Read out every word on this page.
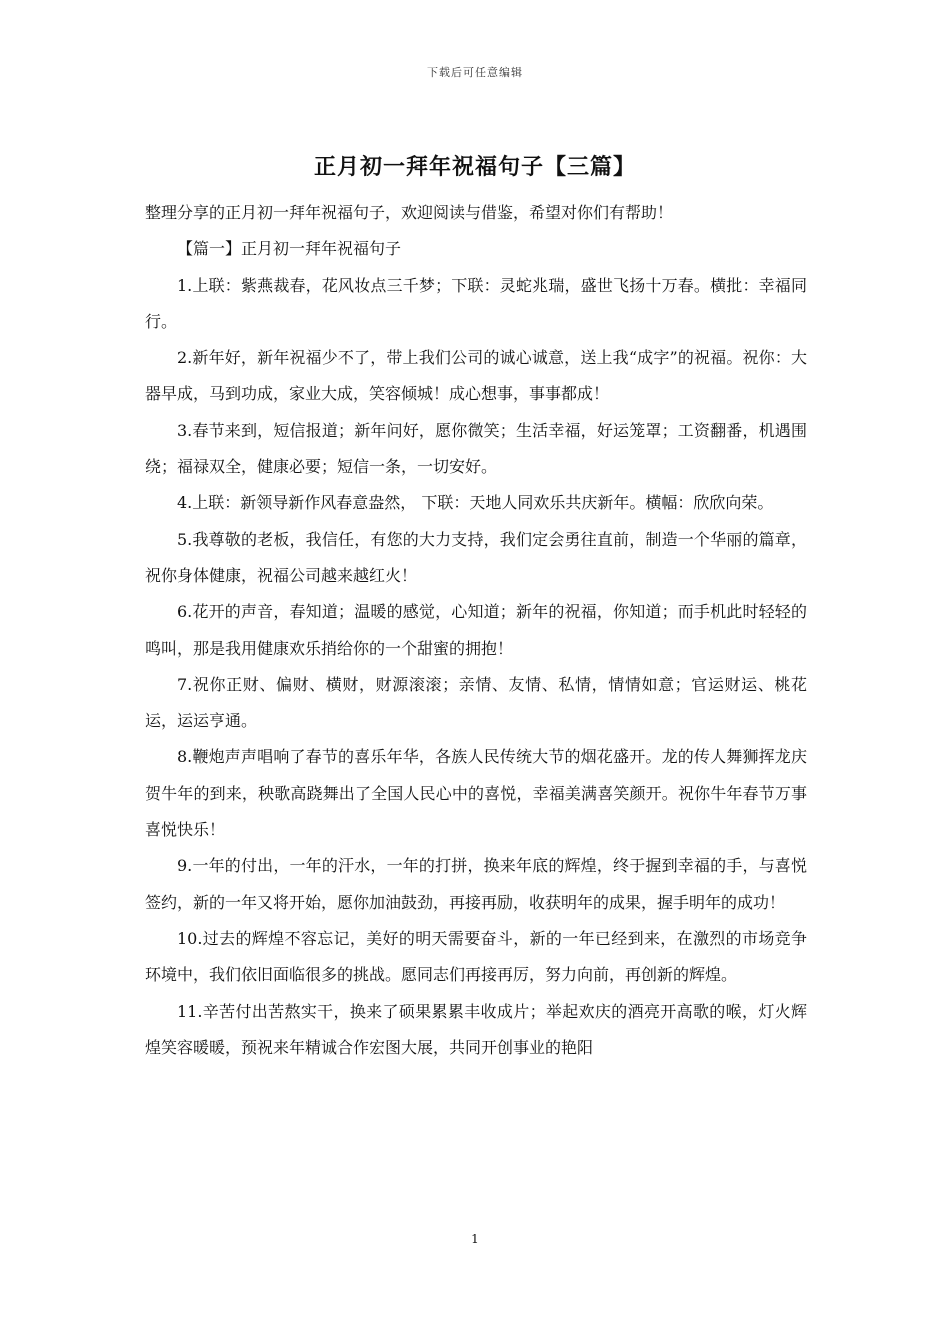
下载后可任意编辑
正月初一拜年祝福句子【三篇】

整理分享的正月初一拜年祝福句子，欢迎阅读与借鉴，希望对你们有帮助！

【篇一】正月初一拜年祝福句子

1.上联：紫燕裁春，花风妆点三千梦；下联：灵蛇兆瑞，盛世飞扬十万春。横批：幸福同行。

2.新年好，新年祝福少不了，带上我们公司的诚心诚意，送上我“成字”的祝福。祝你：大器早成，马到功成，家业大成，笑容倾城！成心想事，事事都成！

3.春节来到，短信报道；新年问好，愿你微笑；生活幸福，好运笼罩；工资翻番，机遇围绕；福禄双全，健康必要；短信一条，一切安好。

4.上联：新领导新作风春意盎然， 下联：天地人同欢乐共庆新年。横幅：欣欣向荣。

5.我尊敬的老板，我信任，有您的大力支持，我们定会勇往直前，制造一个华丽的篇章，祝你身体健康，祝福公司越来越红火！

6.花开的声音，春知道；温暖的感觉，心知道；新年的祝福，你知道；而手机此时轻轻的鸣叫，那是我用健康欢乐捎给你的一个甜蜜的拥抱！

7.祝你正财、偏财、横财，财源滚滚；亲情、友情、私情，情情如意；官运财运、桃花运，运运亨通。

8.鞭炮声声唱响了春节的喜乐年华，各族人民传统大节的烟花盛开。龙的传人舞狮挥龙庆贺牛年的到来，秧歌高跷舞出了全国人民心中的喜悦，幸福美满喜笑颜开。祝你牛年春节万事喜悦快乐！

9.一年的付出，一年的汗水，一年的打拼，换来年底的辉煌，终于握到幸福的手，与喜悦签约，新的一年又将开始，愿你加油鼓劲，再接再励，收获明年的成果，握手明年的成功！

10.过去的辉煌不容忘记，美好的明天需要奋斗，新的一年已经到来，在激烈的市场竞争环境中，我们依旧面临很多的挑战。愿同志们再接再厉，努力向前，再创新的辉煌。

11.辛苦付出苦熬实干，换来了硕果累累丰收成片；举起欢庆的酒亮开高歌的喉，灯火辉煌笑容暖暖，预祝来年精诚合作宏图大展，共同开创事业的艳阳

1
